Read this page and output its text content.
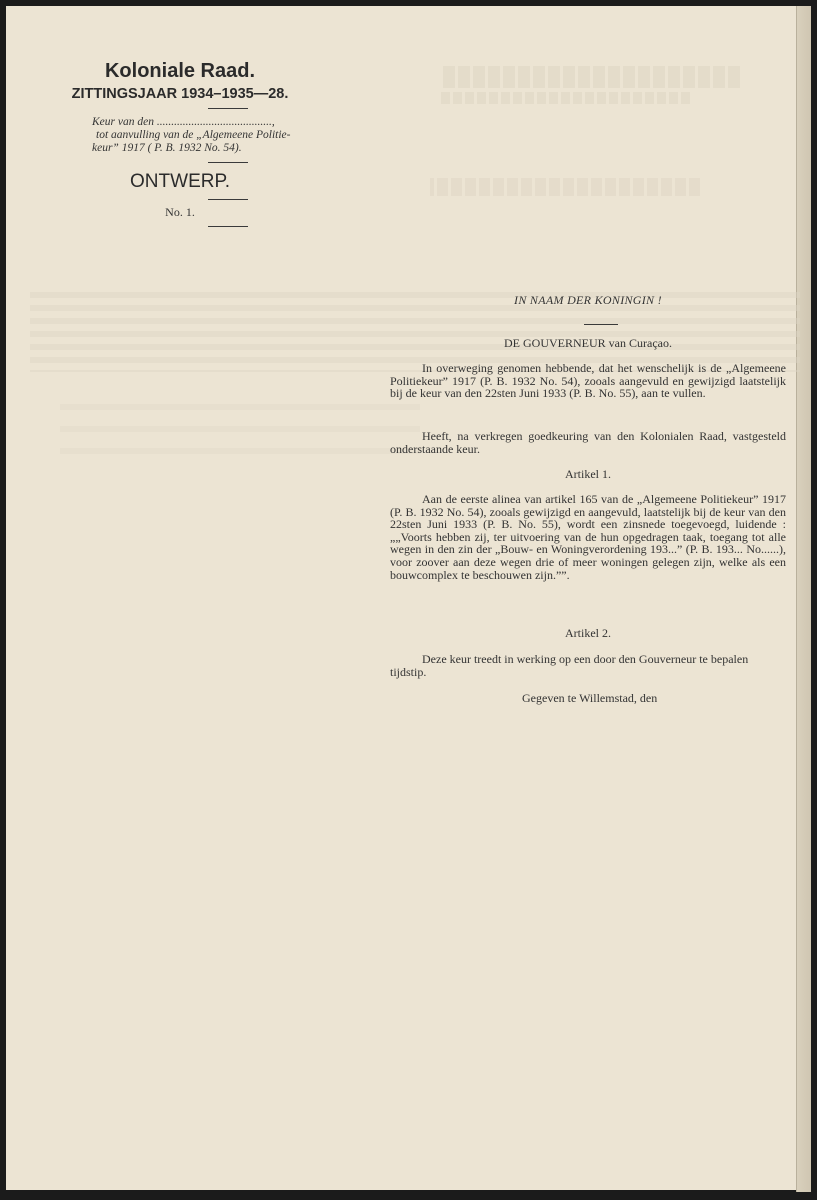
Koloniale Raad.
ZITTINGSJAAR 1934–1935—28.
Keur van den ........................................,
tot aanvulling van de „Algemeene Politie-
keur” 1917 ( P. B. 1932 No. 54).
ONTWERP.
No. 1.
IN NAAM DER KONINGIN !
DE GOUVERNEUR van Curaçao.

In overweging genomen hebbende, dat het wenschelijk is de „Algemeene Politiekeur” 1917 (P. B. 1932 No. 54), zooals aangevuld en gewijzigd laatstelijk bij de keur van den 22sten Juni 1933 (P. B. No. 55), aan te vullen.

Heeft, na verkregen goedkeuring van den Kolonialen Raad, vastgesteld onderstaande keur.

Artikel 1.

Aan de eerste alinea van artikel 165 van de „Algemeene Politiekeur” 1917 (P. B. 1932 No. 54), zooals gewijzigd en aangevuld, laatstelijk bij de keur van den 22sten Juni 1933 (P. B. No. 55), wordt een zinsnede toegevoegd, luidende : „„Voorts hebben zij, ter uitvoering van de hun opgedragen taak, toegang tot alle wegen in den zin der „Bouw- en Woningverordening 193...” (P. B. 193... No......), voor zoover aan deze wegen drie of meer woningen gelegen zijn, welke als een bouwcomplex te beschouwen zijn.””.

Artikel 2.

Deze keur treedt in werking op een door den Gouverneur te bepalen tijdstip.

Gegeven te Willemstad, den
